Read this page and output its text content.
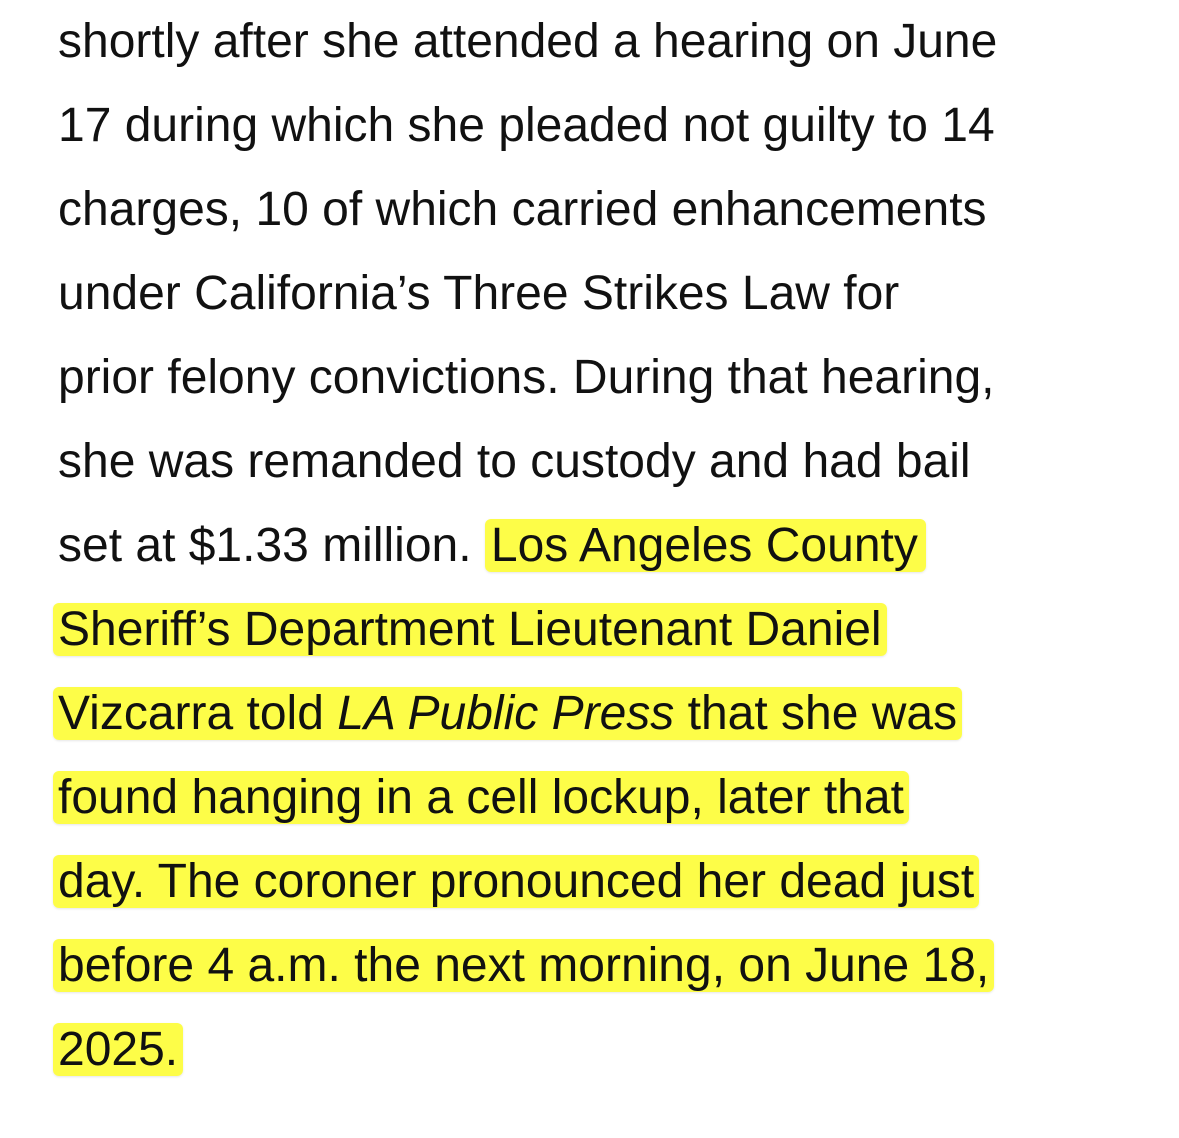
shortly after she attended a hearing on June
17 during which she pleaded not guilty to 14
charges, 10 of which carried enhancements
under California’s Three Strikes Law for
prior felony convictions. During that hearing,
she was remanded to custody and had bail
set at $1.33 million. Los Angeles County
Sheriff’s Department Lieutenant Daniel
Vizcarra told LA Public Press that she was
found hanging in a cell lockup, later that
day. The coroner pronounced her dead just
before 4 a.m. the next morning, on June 18,
2025.
